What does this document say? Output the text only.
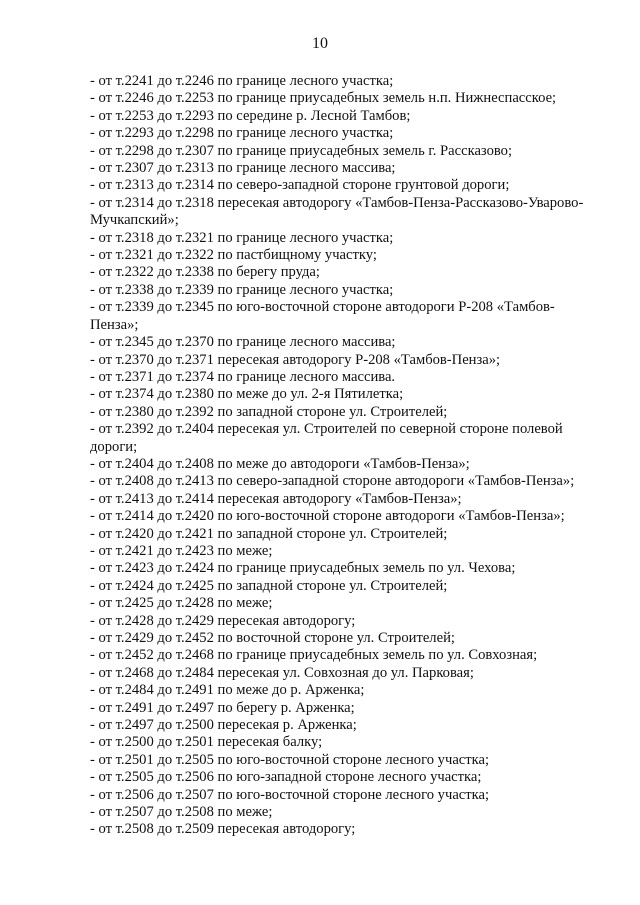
10
- от т.2241 до т.2246 по границе лесного участка;
- от т.2246 до т.2253 по границе приусадебных земель н.п. Нижнеспасское;
- от т.2253 до т.2293 по середине р. Лесной Тамбов;
- от т.2293 до т.2298 по границе лесного участка;
- от т.2298 до т.2307 по границе приусадебных земель г. Рассказово;
- от т.2307 до т.2313 по границе лесного массива;
- от т.2313 до т.2314 по северо-западной стороне грунтовой дороги;
- от т.2314 до т.2318 пересекая автодорогу «Тамбов-Пенза-Рассказово-Уварово-
Мучкапский»;
- от т.2318 до т.2321 по границе лесного участка;
- от т.2321 до т.2322 по пастбищному участку;
- от т.2322 до т.2338 по берегу пруда;
- от т.2338 до т.2339 по границе лесного участка;
- от т.2339 до т.2345 по юго-восточной стороне автодороги Р-208 «Тамбов-
Пенза»;
- от т.2345 до т.2370 по границе лесного массива;
- от т.2370 до т.2371 пересекая автодорогу Р-208 «Тамбов-Пенза»;
- от т.2371 до т.2374 по границе лесного массива.
- от т.2374 до т.2380 по меже до ул. 2-я Пятилетка;
- от т.2380 до т.2392 по западной стороне ул. Строителей;
- от т.2392 до т.2404 пересекая ул. Строителей по северной стороне полевой
дороги;
- от т.2404 до т.2408 по меже до автодороги «Тамбов-Пенза»;
- от т.2408 до т.2413 по северо-западной стороне автодороги «Тамбов-Пенза»;
- от т.2413 до т.2414 пересекая автодорогу «Тамбов-Пенза»;
- от т.2414 до т.2420 по юго-восточной стороне автодороги «Тамбов-Пенза»;
- от т.2420 до т.2421 по западной стороне ул. Строителей;
- от т.2421 до т.2423 по меже;
- от т.2423 до т.2424 по границе приусадебных земель по ул. Чехова;
- от т.2424 до т.2425 по западной стороне ул. Строителей;
- от т.2425 до т.2428 по меже;
- от т.2428 до т.2429 пересекая автодорогу;
- от т.2429 до т.2452 по восточной стороне ул. Строителей;
- от т.2452 до т.2468 по границе приусадебных земель по ул. Совхозная;
- от т.2468 до т.2484 пересекая ул. Совхозная до ул. Парковая;
- от т.2484 до т.2491 по меже до р. Арженка;
- от т.2491 до т.2497 по берегу р. Арженка;
- от т.2497 до т.2500 пересекая р. Арженка;
- от т.2500 до т.2501 пересекая балку;
- от т.2501 до т.2505 по юго-восточной стороне лесного участка;
- от т.2505 до т.2506 по юго-западной стороне лесного участка;
- от т.2506 до т.2507 по юго-восточной стороне лесного участка;
- от т.2507 до т.2508 по меже;
- от т.2508 до т.2509 пересекая автодорогу;
